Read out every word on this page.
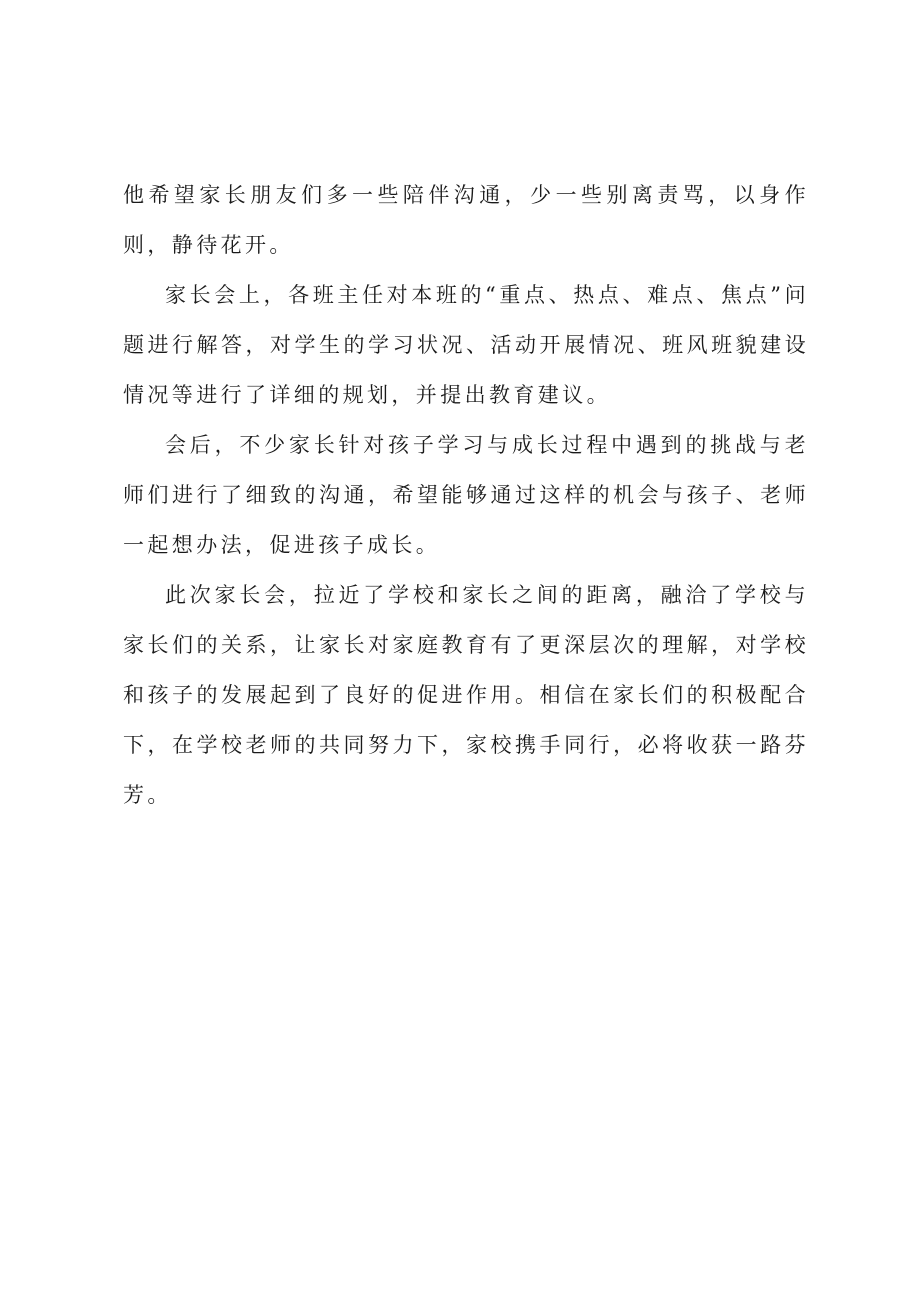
他希望家长朋友们多一些陪伴沟通，少一些别离责骂，以身作则，静待花开。

家长会上，各班主任对本班的“重点、热点、难点、焦点”问题进行解答，对学生的学习状况、活动开展情况、班风班貌建设情况等进行了详细的规划，并提出教育建议。

会后，不少家长针对孩子学习与成长过程中遇到的挑战与老师们进行了细致的沟通，希望能够通过这样的机会与孩子、老师一起想办法，促进孩子成长。

此次家长会，拉近了学校和家长之间的距离，融洽了学校与家长们的关系，让家长对家庭教育有了更深层次的理解，对学校和孩子的发展起到了良好的促进作用。相信在家长们的积极配合下，在学校老师的共同努力下，家校携手同行，必将收获一路芬芳。
